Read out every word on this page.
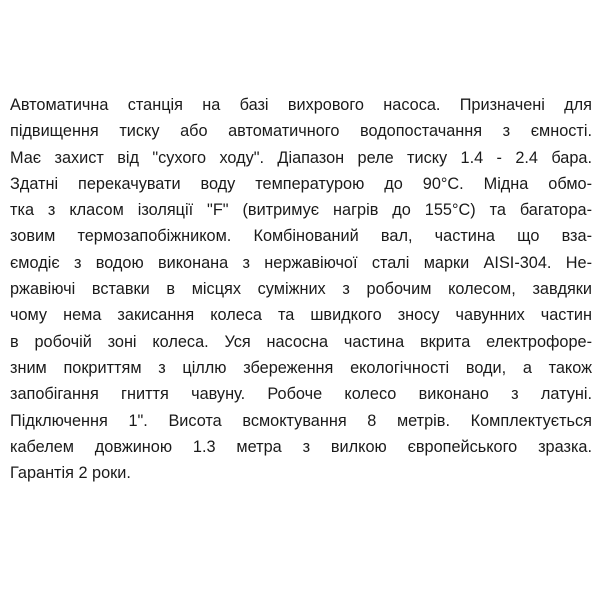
Автоматична станція на базі вихрового насоса. Призначені для
підвищення тиску або автоматичного водопостачання з ємності.
Має захист від "сухого ходу". Діапазон реле тиску 1.4 - 2.4 бара.
Здатні перекачувати воду температурою до 90°C. Мідна обмо-
тка з класом ізоляції "F" (витримує нагрів до 155°C) та багатора-
зовим термозапобіжником. Комбінований вал, частина що вза-
ємодіє з водою виконана з нержавіючої сталі марки AISI-304. Не-
ржавіючі вставки в місцях суміжних з робочим колесом, завдяки
чому нема закисання колеса та швидкого зносу чавунних частин
в робочій зоні колеса. Уся насосна частина вкрита електрофоре-
зним покриттям з ціллю збереження екологічності води, а також
запобігання гниття чавуну. Робоче колесо виконано з латуні.
Підключення 1". Висота всмоктування 8 метрів. Комплектується
кабелем довжиною 1.3 метра з вилкою європейського зразка.
Гарантія 2 роки.
